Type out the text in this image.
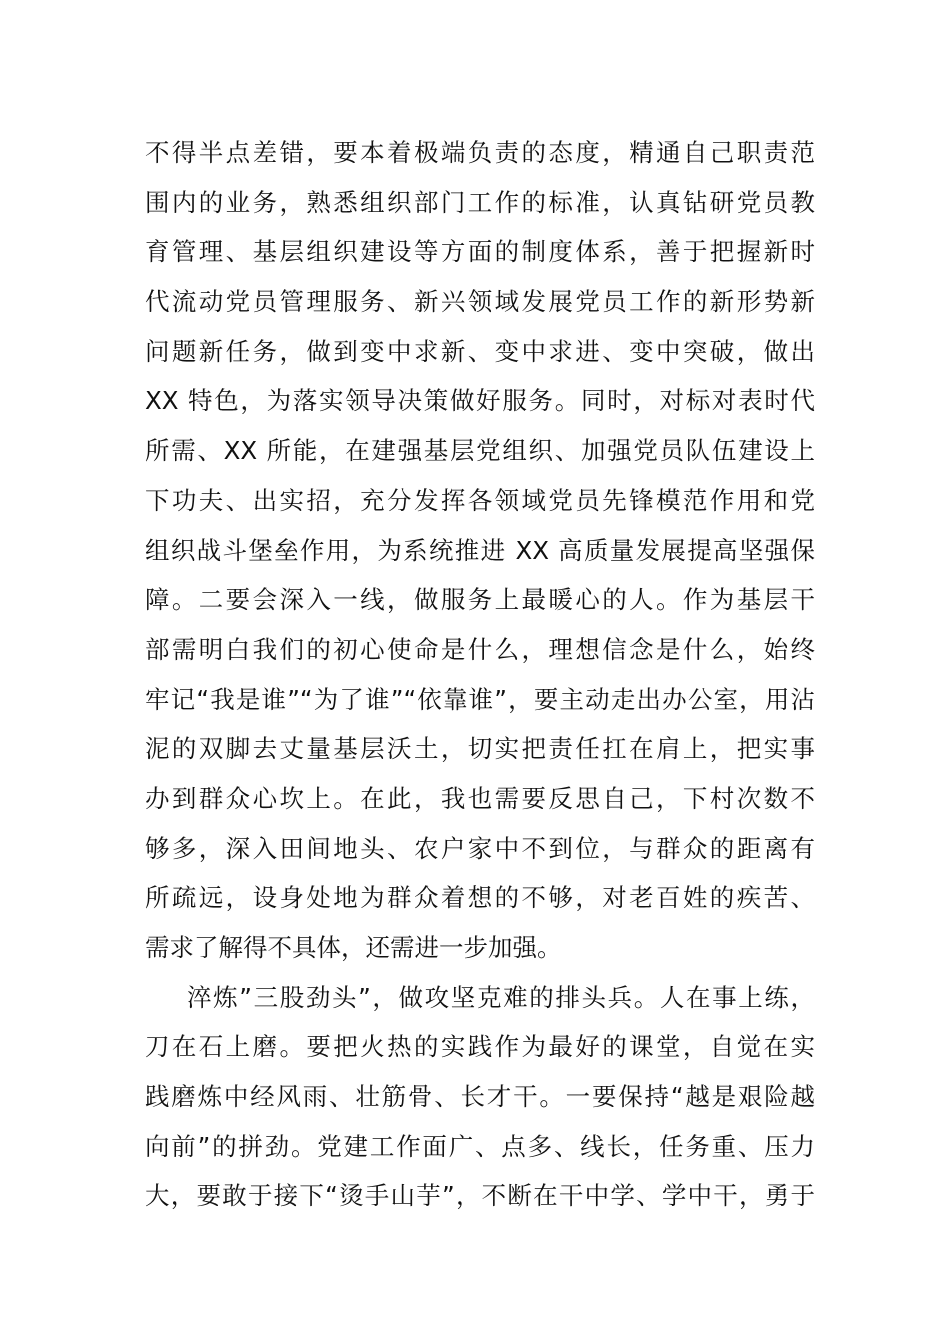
不得半点差错，要本着极端负责的态度，精通自己职责范
围内的业务，熟悉组织部门工作的标准，认真钻研党员教
育管理、基层组织建设等方面的制度体系，善于把握新时
代流动党员管理服务、新兴领域发展党员工作的新形势新
问题新任务，做到变中求新、变中求进、变中突破，做出
XX 特色，为落实领导决策做好服务。同时，对标对表时代
所需、XX 所能，在建强基层党组织、加强党员队伍建设上
下功夫、出实招，充分发挥各领域党员先锋模范作用和党
组织战斗堡垒作用，为系统推进 XX 高质量发展提高坚强保
障。二要会深入一线，做服务上最暖心的人。作为基层干
部需明白我们的初心使命是什么，理想信念是什么，始终
牢记“我是谁”“为了谁”“依靠谁”，要主动走出办公室，用沾
泥的双脚去丈量基层沃土，切实把责任扛在肩上，把实事
办到群众心坎上。在此，我也需要反思自己，下村次数不
够多，深入田间地头、农户家中不到位，与群众的距离有
所疏远，设身处地为群众着想的不够，对老百姓的疾苦、
需求了解得不具体，还需进一步加强。
淬炼”三股劲头”，做攻坚克难的排头兵。人在事上练，
刀在石上磨。要把火热的实践作为最好的课堂，自觉在实
践磨炼中经风雨、壮筋骨、长才干。一要保持“越是艰险越
向前”的拼劲。党建工作面广、点多、线长，任务重、压力
大，要敢于接下“烫手山芋”，不断在干中学、学中干，勇于
